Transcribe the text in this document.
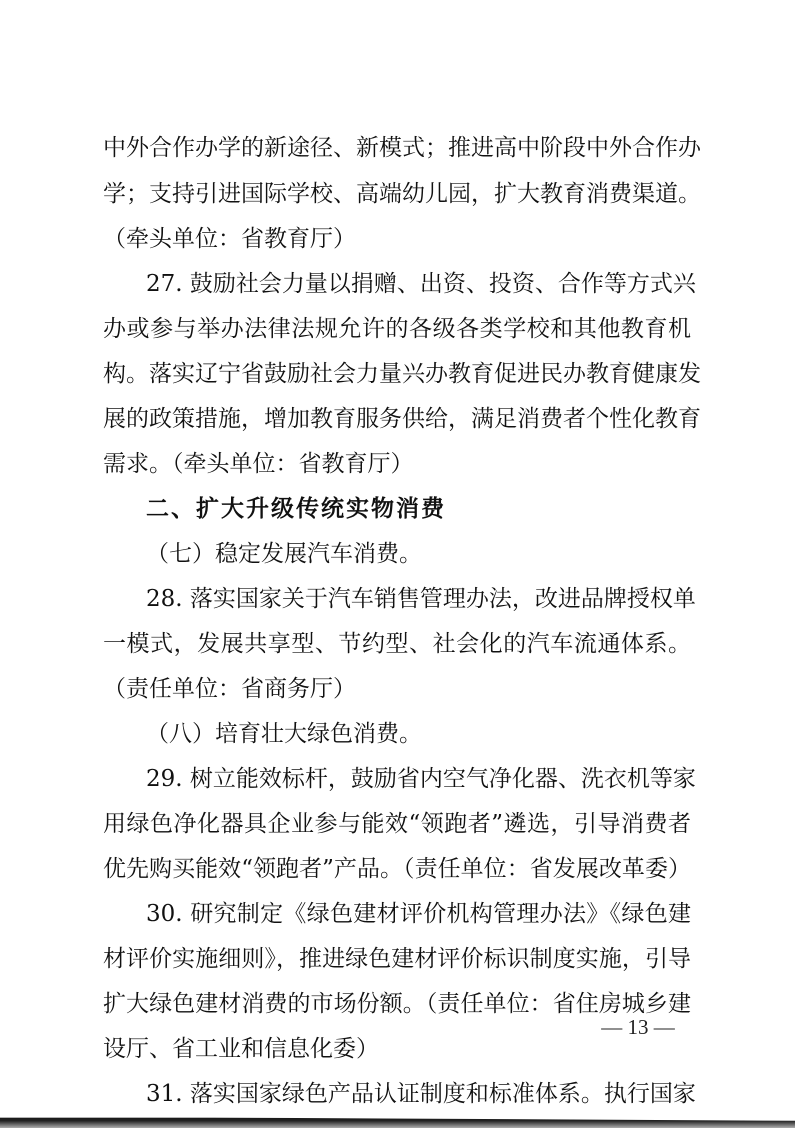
中外合作办学的新途径、新模式；推进高中阶段中外合作办
学；支持引进国际学校、高端幼儿园，扩大教育消费渠道。
（牵头单位：省教育厅）
27. 鼓励社会力量以捐赠、出资、投资、合作等方式兴
办或参与举办法律法规允许的各级各类学校和其他教育机
构。落实辽宁省鼓励社会力量兴办教育促进民办教育健康发
展的政策措施，增加教育服务供给，满足消费者个性化教育
需求。（牵头单位：省教育厅）
二、扩大升级传统实物消费
（七）稳定发展汽车消费。
28. 落实国家关于汽车销售管理办法，改进品牌授权单
一模式，发展共享型、节约型、社会化的汽车流通体系。
（责任单位：省商务厅）
（八）培育壮大绿色消费。
29. 树立能效标杆，鼓励省内空气净化器、洗衣机等家
用绿色净化器具企业参与能效“领跑者”遴选，引导消费者
优先购买能效“领跑者”产品。（责任单位：省发展改革委）
30. 研究制定《绿色建材评价机构管理办法》《绿色建
材评价实施细则》，推进绿色建材评价标识制度实施，引导
扩大绿色建材消费的市场份额。（责任单位：省住房城乡建
设厅、省工业和信息化委）
31. 落实国家绿色产品认证制度和标准体系。执行国家
— 13 —
